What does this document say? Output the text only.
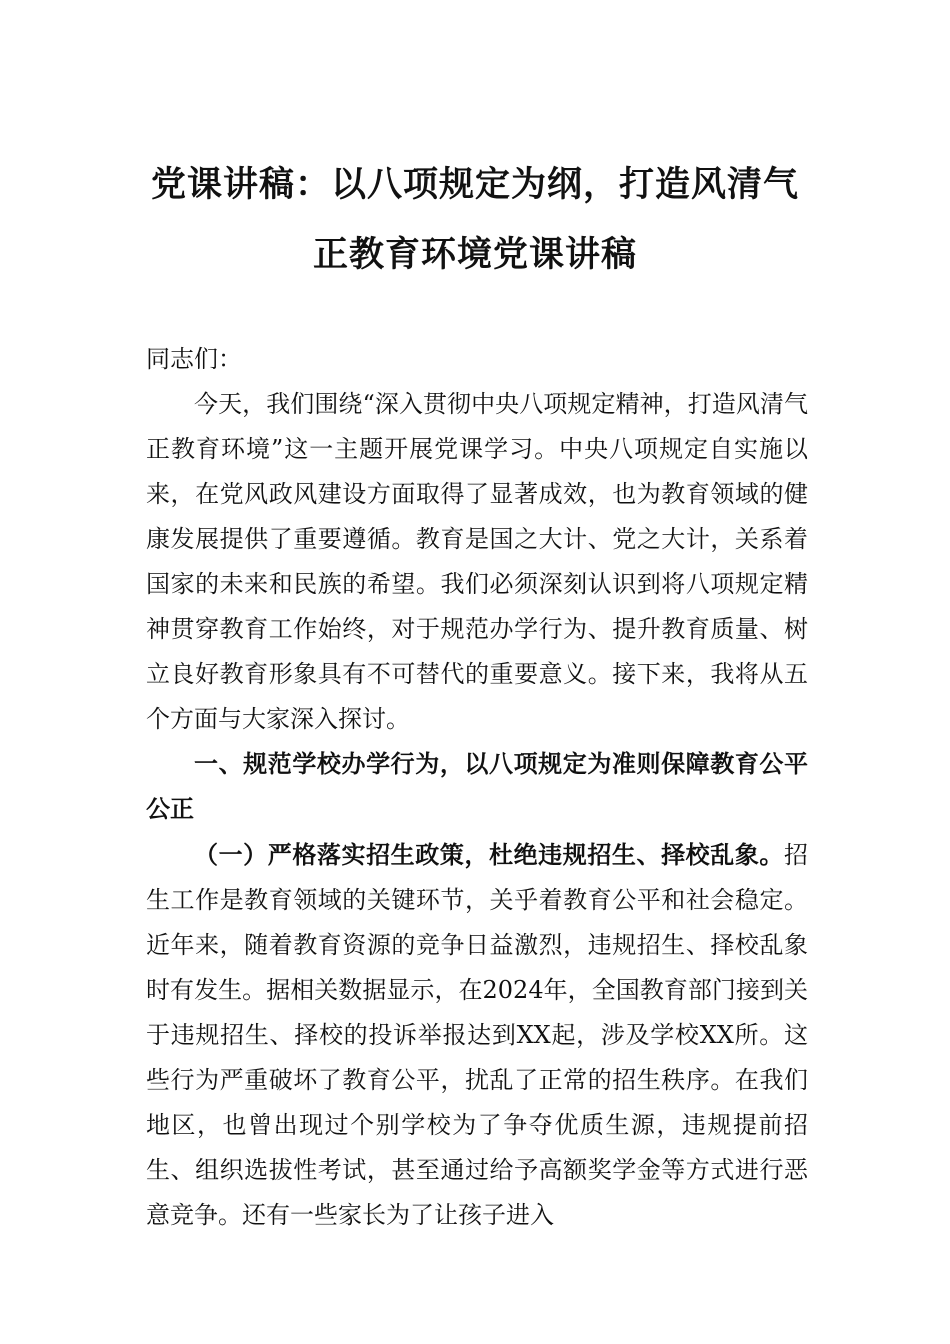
党课讲稿：以八项规定为纲，打造风清气
正教育环境党课讲稿

同志们：

今天，我们围绕“深入贯彻中央八项规定精神，打造风清气正教育环境”这一主题开展党课学习。中央八项规定自实施以来，在党风政风建设方面取得了显著成效，也为教育领域的健康发展提供了重要遵循。教育是国之大计、党之大计，关系着国家的未来和民族的希望。我们必须深刻认识到将八项规定精神贯穿教育工作始终，对于规范办学行为、提升教育质量、树立良好教育形象具有不可替代的重要意义。接下来，我将从五个方面与大家深入探讨。

一、规范学校办学行为，以八项规定为准则保障教育公平公正

（一）严格落实招生政策，杜绝违规招生、择校乱象。招生工作是教育领域的关键环节，关乎着教育公平和社会稳定。近年来，随着教育资源的竞争日益激烈，违规招生、择校乱象时有发生。据相关数据显示，在2024年，全国教育部门接到关于违规招生、择校的投诉举报达到XX起，涉及学校XX所。这些行为严重破坏了教育公平，扰乱了正常的招生秩序。在我们地区，也曾出现过个别学校为了争夺优质生源，违规提前招生、组织选拔性考试，甚至通过给予高额奖学金等方式进行恶意竞争。还有一些家长为了让孩子进入
